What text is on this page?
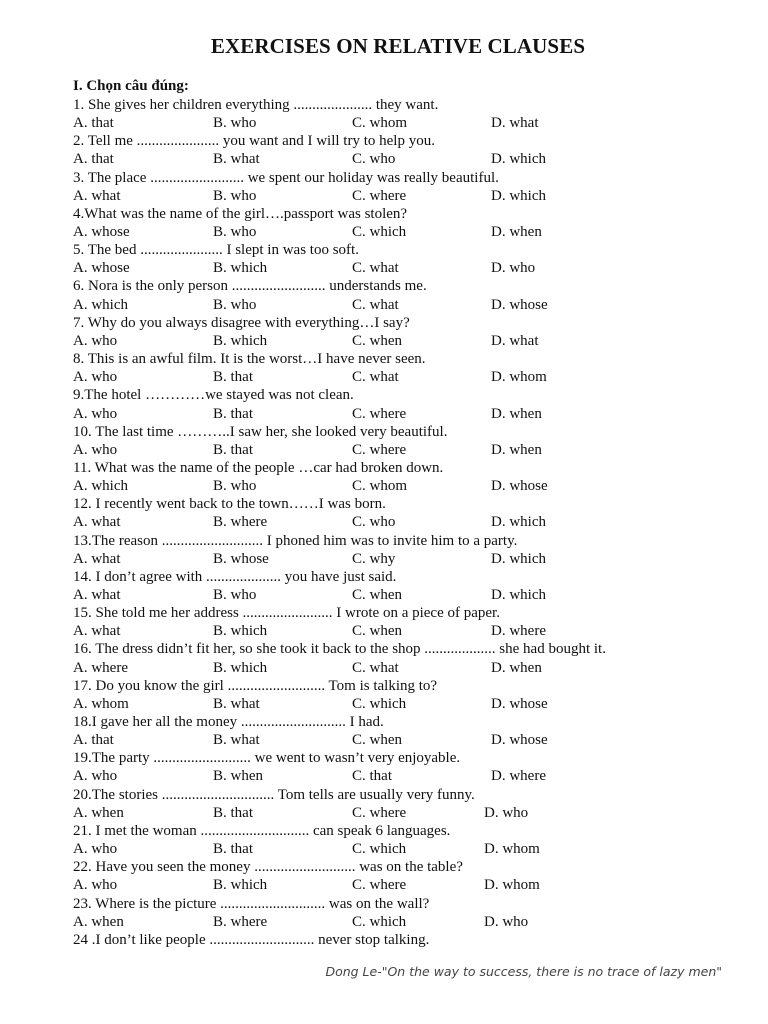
EXERCISES ON RELATIVE CLAUSES
I. Chọn câu đúng:
1. She gives her children everything ..................... they want.
A. that	B. who	C. whom	D. what
2. Tell me ...................... you want and I will try to help you.
A. that	B. what	C. who	D. which
3. The place ......................... we spent our holiday was really beautiful.
A. what	B. who	C. where	D. which
4.What was the name of the girl….passport was stolen?
A. whose	B. who	C. which	D. when
5. The bed ...................... I slept in was too soft.
A. whose	B. which	C. what	D. who
6. Nora is the only person ......................... understands me.
A. which	B. who	C. what	D. whose
7. Why do you always disagree with everything…I say?
A. who	B. which	C. when	D. what
8. This is an awful film. It is the worst…I have never seen.
A. who	B. that	C. what	D. whom
9.The hotel …………we stayed was not clean.
A. who	B. that	C. where	D. when
10. The last time ………..I saw her, she looked very beautiful.
A. who	B. that	C. where	D. when
11. What was the name of the people …car had broken down.
A. which	B. who	C. whom	D. whose
12. I recently went back to the town……I was born.
A. what	B. where	C. who	D. which
13.The reason ........................... I phoned him was to invite him to a party.
A. what	B. whose	C. why	D. which
14. I don’t agree with .................... you have just said.
A. what	B. who	C. when	D. which
15. She told me her address ........................ I wrote on a piece of paper.
A. what	B. which	C. when	D. where
16. The dress didn’t fit her, so she took it back to the shop ................... she had bought it.
A. where	B. which	C. what	D. when
17. Do you know the girl .......................... Tom is talking to?
A. whom	B. what	C. which	D. whose
18.I gave her all the money ............................ I had.
A. that	B. what	C. when	D. whose
19.The party .......................... we went to wasn’t very enjoyable.
A. who	B. when	C. that	D. where
20.The stories .............................. Tom tells are usually very funny.
A. when	B. that	C. where	D. who
21. I met the woman ............................. can speak 6 languages.
A. who	B. that	C. which	D. whom
22. Have you seen the money ........................... was on the table?
A. who	B. which	C. where	D. whom
23. Where is the picture ............................ was on the wall?
A. when	B. where	C. which	D. who
24 .I don’t like people ............................ never stop talking.
Dong Le-"On the way to success, there is no trace of lazy men"
